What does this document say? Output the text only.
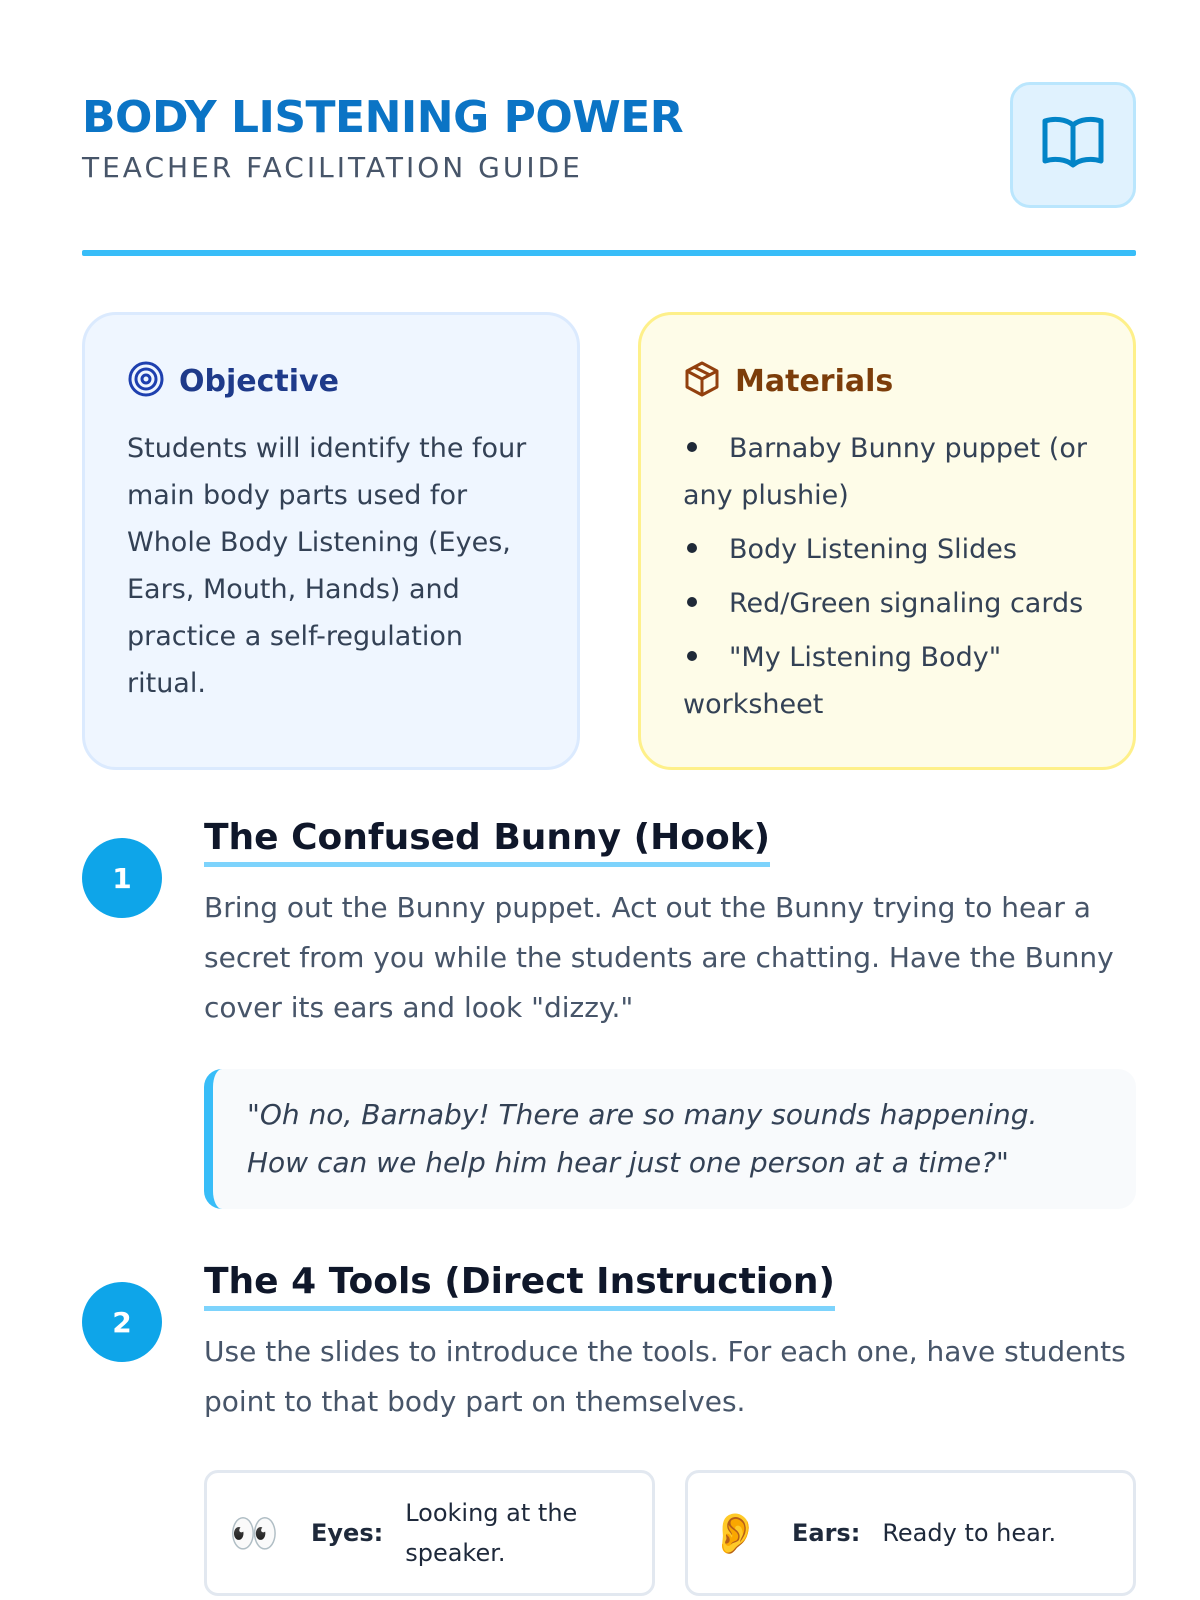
BODY LISTENING POWER
TEACHER FACILITATION GUIDE
Objective
Students will identify the four main body parts used for Whole Body Listening (Eyes, Ears, Mouth, Hands) and practice a self-regulation ritual.
Materials
Barnaby Bunny puppet (or any plushie)
Body Listening Slides
Red/Green signaling cards
"My Listening Body" worksheet
1
The Confused Bunny (Hook)
Bring out the Bunny puppet. Act out the Bunny trying to hear a secret from you while the students are chatting. Have the Bunny cover its ears and look "dizzy."
"Oh no, Barnaby! There are so many sounds happening. How can we help him hear just one person at a time?"
2
The 4 Tools (Direct Instruction)
Use the slides to introduce the tools. For each one, have students point to that body part on themselves.
👀	Eyes:
Looking at the speaker.	👂	Ears: Ready to hear.
